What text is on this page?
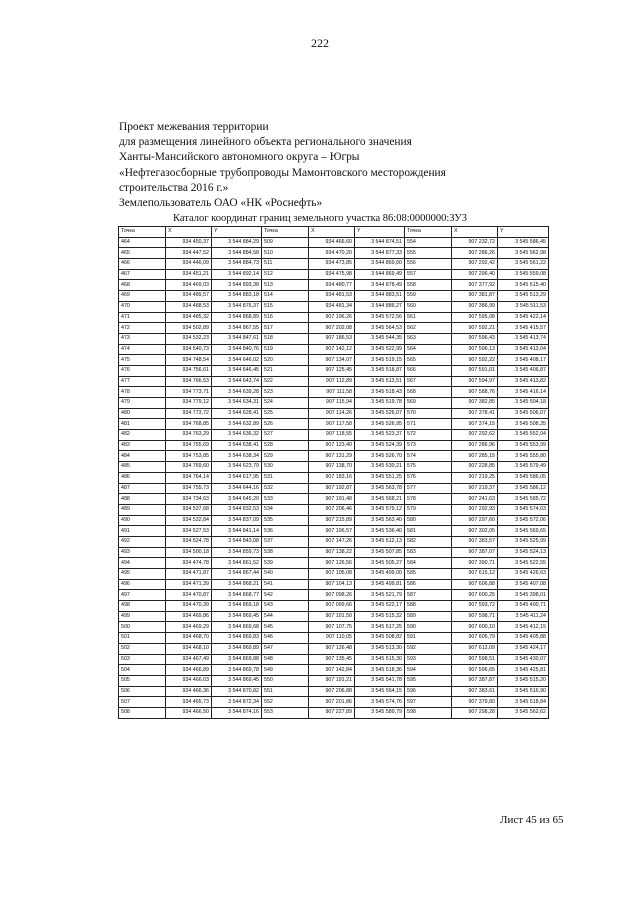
222
Проект межевания территории
для размещения линейного объекта регионального значения
Ханты-Мансийского автономного округа – Югры
«Нефтегазосборные трубопроводы Мамонтовского месторождения
строительства 2016 г.»
Землепользователь ОАО «НК «Роснефть»
Каталог координат границ земельного участка 86:08:0000000:ЗУ3
Точка	X	Y	Точка	X	Y	Точка	X	Y
464	934 450,37	3 544 884,29	509	934 466,60	3 544 874,51	554	907 232,72	3 545 586,45
465	934 447,52	3 544 884,58	510	934 470,20	3 544 877,33	555	907 286,26	3 545 562,98
466	934 446,09	3 544 884,73	511	934 473,85	3 544 869,60	556	907 292,42	3 545 561,22
467	934 451,21	3 544 892,14	512	934 475,98	3 544 869,49	557	907 296,40	3 545 559,08
468	934 469,03	3 544 893,38	513	934 480,77	3 544 878,49	558	907 377,92	3 545 515,40
469	934 489,57	3 544 883,18	514	934 481,53	3 544 883,51	559	907 381,87	3 545 513,29
470	934 488,53	3 544 876,37	515	934 481,34	3 544 886,27	560	907 386,99	3 545 511,53
471	934 485,32	3 544 868,89	516	907 196,26	3 545 572,56	561	907 595,08	3 545 422,14
472	934 502,89	3 544 867,55	517	907 202,08	3 545 564,53	562	907 592,21	3 545 415,57
473	934 532,23	3 544 847,61	518	907 186,53	3 545 544,35	563	907 596,43	3 545 413,74
474	934 540,73	3 544 840,76	519	907 142,12	3 545 522,99	564	907 596,13	3 545 413,04
475	934 748,54	3 544 646,02	520	907 134,07	3 545 519,15	565	907 592,22	3 545 408,17
476	934 756,61	3 544 646,45	521	907 125,45	3 545 518,87	566	907 591,01	3 545 406,87
477	934 766,53	3 544 643,74	522	907 112,89	3 545 513,51	567	907 594,97	3 545 413,82
478	934 773,71	3 544 639,28	523	907 111,58	3 545 518,43	568	907 588,76	3 545 416,14
479	934 779,12	3 544 634,31	524	907 115,94	3 545 519,78	569	907 382,85	3 545 504,18
480	934 773,72	3 544 628,41	525	907 114,26	3 545 526,07	570	907 378,41	3 545 506,07
481	934 768,85	3 544 632,89	526	907 117,58	3 545 526,95	571	907 374,15	3 545 508,35
482	934 763,29	3 544 636,32	527	907 118,55	3 545 523,37	572	907 292,62	3 545 552,04
483	934 755,69	3 544 638,41	528	907 123,40	3 545 524,39	573	907 286,96	3 545 553,99
484	934 753,85	3 544 638,34	529	907 131,29	3 545 526,70	574	907 285,15	3 545 555,80
485	934 769,60	3 544 623,79	530	907 138,70	3 545 530,21	575	907 228,85	3 545 579,49
486	934 764,14	3 544 617,95	531	907 183,16	3 545 551,25	576	907 219,25	3 545 586,05
487	934 755,73	3 544 644,16	532	907 192,87	3 545 563,78	577	907 219,37	3 545 586,12
488	934 734,63	3 544 645,20	533	907 191,48	3 545 568,21	578	907 241,63	3 545 585,72
489	934 537,68	3 544 832,53	534	907 206,46	3 545 579,12	579	907 292,93	3 545 574,03
490	934 532,84	3 544 837,09	535	907 215,89	3 545 563,40	580	907 297,60	3 545 572,06
491	934 527,53	3 544 841,14	536	907 196,57	3 545 536,40	581	907 302,05	3 545 569,65
492	934 524,78	3 544 843,08	537	907 147,26	3 545 512,13	582	907 383,57	3 545 525,99
493	934 500,18	3 544 859,73	538	907 138,22	3 545 507,85	583	907 387,07	3 545 524,13
494	934 474,78	3 544 861,52	539	907 126,56	3 545 505,27	584	907 390,71	3 545 522,55
495	934 471,87	3 544 867,44	540	907 105,08	3 545 499,00	585	907 615,12	3 545 426,63
496	934 471,39	3 544 868,21	541	907 104,13	3 545 499,81	586	907 606,88	3 545 407,08
497	934 470,87	3 544 868,77	542	907 098,26	3 545 521,79	587	907 600,25	3 545 398,01
498	934 470,39	3 544 869,18	543	907 099,66	3 545 522,17	588	907 593,72	3 545 400,71
499	934 469,86	3 544 869,45	544	907 101,50	3 545 515,32	589	907 598,71	3 545 411,24
500	934 469,29	3 544 869,68	545	907 107,75	3 545 517,25	590	907 600,10	3 545 412,15
501	934 468,70	3 544 869,83	546	907 110,05	3 545 508,82	591	907 605,79	3 545 405,88
502	934 468,10	3 544 869,89	547	907 126,48	3 545 513,30	592	907 612,09	3 545 424,17
503	934 467,49	3 544 869,88	548	907 135,45	3 545 515,30	593	907 598,51	3 545 430,07
504	934 466,89	3 544 869,78	549	907 142,84	3 545 518,36	594	907 596,65	3 545 425,81
505	934 466,03	3 544 869,45	550	907 191,21	3 545 541,78	595	907 387,87	3 545 515,20
506	934 466,36	3 544 870,82	551	907 206,88	3 545 564,15	596	907 383,61	3 545 516,90
507	934 465,73	3 544 872,34	552	907 201,86	3 545 574,76	597	907 379,80	3 545 518,84
508	934 466,50	3 544 874,16	553	907 227,89	3 545 589,79	598	907 298,28	3 545 562,62
Лист 45 из 65
